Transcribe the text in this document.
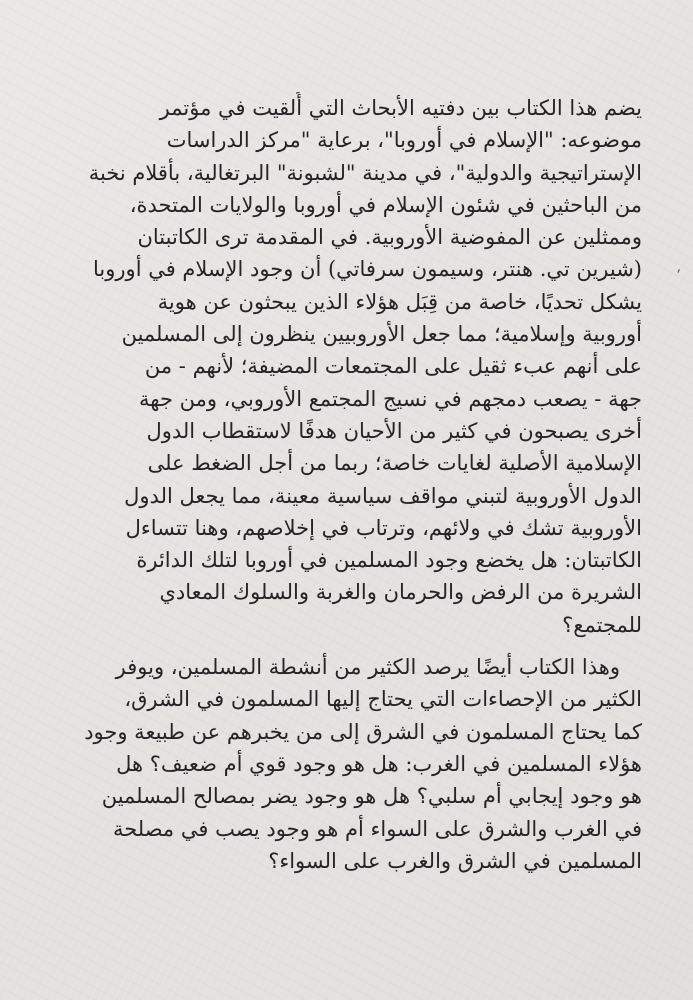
يضم هذا الكتاب بين دفتيه الأبحاث التي أُلقيت في مؤتمر
موضوعه: "الإسلام في أوروبا"، برعاية "مركز الدراسات
الإستراتيجية والدولية"، في مدينة "لشبونة" البرتغالية، بأقلام نخبة
من الباحثين في شئون الإسلام في أوروبا والولايات المتحدة،
وممثلين عن المفوضية الأوروبية. في المقدمة ترى الكاتبتان
(شيرين تي. هنتر، وسيمون سرفاتي) أن وجود الإسلام في أوروبا
يشكل تحديًا، خاصة من قِبَل هؤلاء الذين يبحثون عن هوية
أوروبية وإسلامية؛ مما جعل الأوروبيين ينظرون إلى المسلمين
على أنهم عبء ثقيل على المجتمعات المضيفة؛ لأنهم - من
جهة - يصعب دمجهم في نسيج المجتمع الأوروبي، ومن جهة
أخرى يصبحون في كثير من الأحيان هدفًا لاستقطاب الدول
الإسلامية الأصلية لغايات خاصة؛ ربما من أجل الضغط على
الدول الأوروبية لتبني مواقف سياسية معينة، مما يجعل الدول
الأوروبية تشك في ولائهم، وترتاب في إخلاصهم، وهنا تتساءل
الكاتبتان: هل يخضع وجود المسلمين في أوروبا لتلك الدائرة
الشريرة من الرفض والحرمان والغربة والسلوك المعادي
للمجتمع؟
وهذا الكتاب أيضًا يرصد الكثير من أنشطة المسلمين، ويوفر
الكثير من الإحصاءات التي يحتاج إليها المسلمون في الشرق،
كما يحتاج المسلمون في الشرق إلى من يخبرهم عن طبيعة وجود
هؤلاء المسلمين في الغرب: هل هو وجود قوي أم ضعيف؟ هل
هو وجود إيجابي أم سلبي؟ هل هو وجود يضر بمصالح المسلمين
في الغرب والشرق على السواء أم هو وجود يصب في مصلحة
المسلمين في الشرق والغرب على السواء؟
⸴
